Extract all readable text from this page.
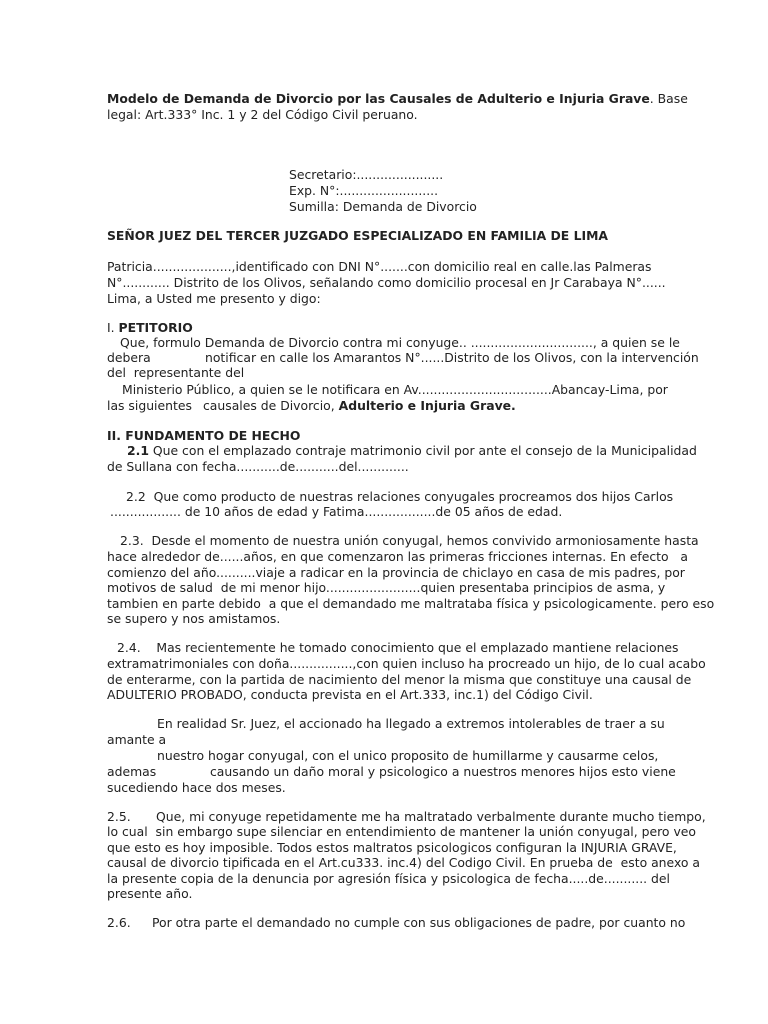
Modelo de Demanda de Divorcio por las Causales de Adulterio e Injuria Grave. Base
legal: Art.333° Inc. 1 y 2 del Código Civil peruano.
Secretario:......................
Exp. N°:.........................
Sumilla: Demanda de Divorcio
SEÑOR JUEZ DEL TERCER JUZGADO ESPECIALIZADO EN FAMILIA DE LIMA
Patricia....................,identificado con DNI N°.......con domicilio real en calle.las Palmeras
N°............ Distrito de los Olivos, señalando como domicilio procesal en Jr Carabaya N°......
Lima, a Usted me presento y digo:
I. PETITORIO
Que, formulo Demanda de Divorcio contra mi conyuge.. ..............................., a quien se le
debera	notificar en calle los Amarantos N°......Distrito de los Olivos, con la intervención
del  representante del
Ministerio Público, a quien se le notificara en Av..................................Abancay-Lima, por
las siguientes causales de Divorcio, Adulterio e Injuria Grave.
II. FUNDAMENTO DE HECHO
2.1 Que con el emplazado contraje matrimonio civil por ante el consejo de la Municipalidad
de Sullana con fecha...........de...........del.............
2.2  Que como producto de nuestras relaciones conyugales procreamos dos hijos Carlos
.................. de 10 años de edad y Fatima..................de 05 años de edad.
2.3.  Desde el momento de nuestra unión conyugal, hemos convivido armoniosamente hasta
hace alrededor de......años, en que comenzaron las primeras fricciones internas. En efecto   a
comienzo del año..........viaje a radicar en la provincia de chiclayo en casa de mis padres, por
motivos de salud  de mi menor hijo........................quien presentaba principios de asma, y
tambien en parte debido  a que el demandado me maltrataba física y psicologicamente. pero eso
se supero y nos amistamos.
2.4.    Mas recientemente he tomado conocimiento que el emplazado mantiene relaciones
extramatrimoniales con doña................,con quien incluso ha procreado un hijo, de lo cual acabo
de enterarme, con la partida de nacimiento del menor la misma que constituye una causal de
ADULTERIO PROBADO, conducta prevista en el Art.333, inc.1) del Código Civil.
En realidad Sr. Juez, el accionado ha llegado a extremos intolerables de traer a su
amante a
nuestro hogar conyugal, con el unico proposito de humillarme y causarme celos,
ademas	causando un daño moral y psicologico a nuestros menores hijos esto viene
sucediendo hace dos meses.
2.5. Que, mi conyuge repetidamente me ha maltratado verbalmente durante mucho tiempo,
lo cual  sin embargo supe silenciar en entendimiento de mantener la unión conyugal, pero veo
que esto es hoy imposible. Todos estos maltratos psicologicos configuran la INJURIA GRAVE,
causal de divorcio tipificada en el Art.cu333. inc.4) del Codigo Civil. En prueba de  esto anexo a
la presente copia de la denuncia por agresión física y psicologica de fecha.....de........... del
presente año.
2.6. Por otra parte el demandado no cumple con sus obligaciones de padre, por cuanto no
